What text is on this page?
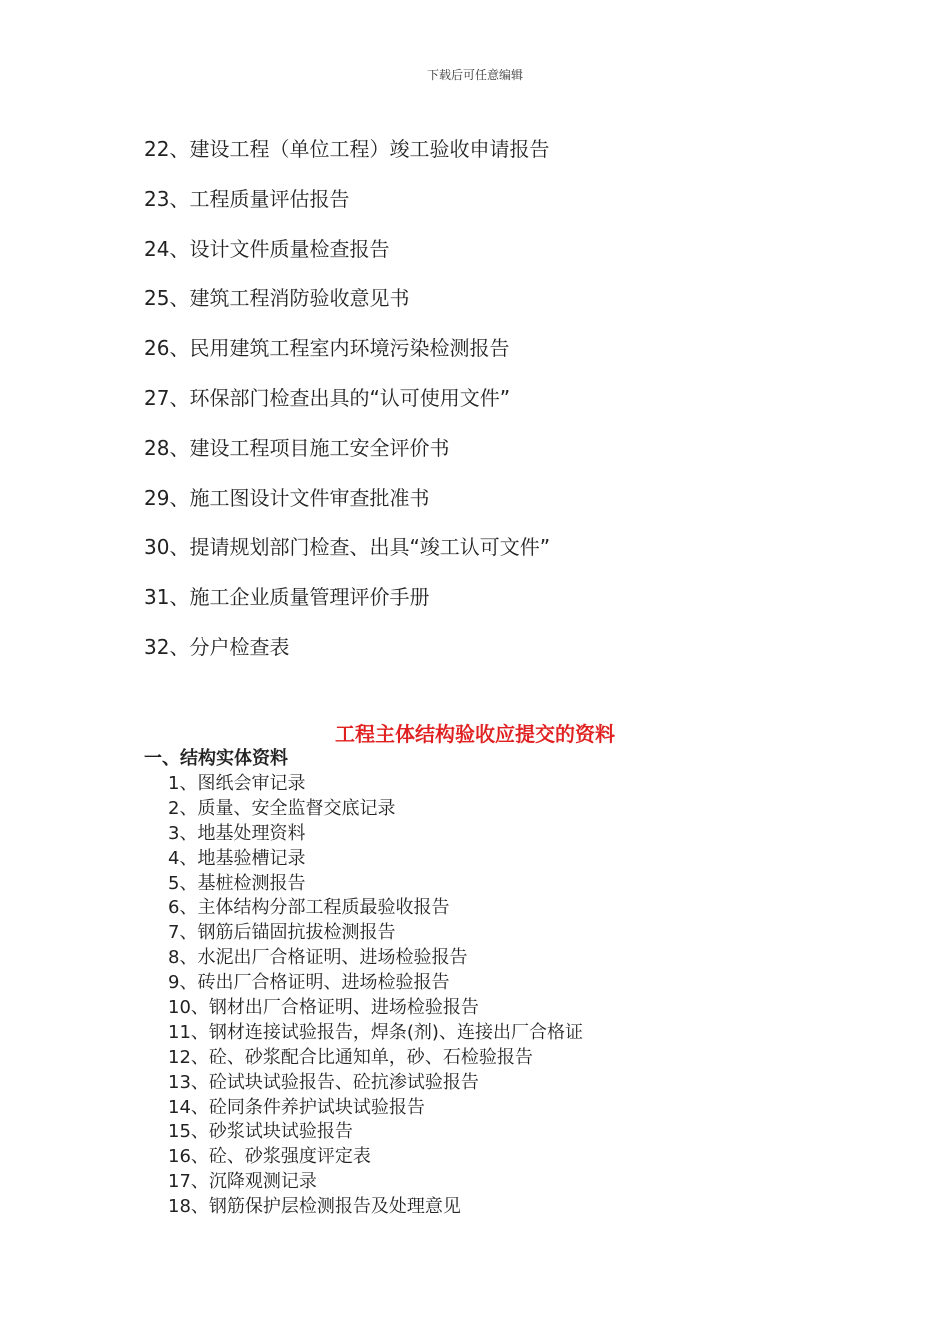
下载后可任意编辑
22、建设工程（单位工程）竣工验收申请报告
23、工程质量评估报告
24、设计文件质量检查报告
25、建筑工程消防验收意见书
26、民用建筑工程室内环境污染检测报告
27、环保部门检查出具的“认可使用文件”
28、建设工程项目施工安全评价书
29、施工图设计文件审查批准书
30、提请规划部门检查、出具“竣工认可文件”
31、施工企业质量管理评价手册
32、分户检查表
工程主体结构验收应提交的资料
一、结构实体资料
1、图纸会审记录
2、质量、安全监督交底记录
3、地基处理资料
4、地基验槽记录
5、基桩检测报告
6、主体结构分部工程质最验收报告
7、钢筋后锚固抗拔检测报告
8、水泥出厂合格证明、进场检验报告
9、砖出厂合格证明、进场检验报告
10、钢材出厂合格证明、进场检验报告
11、钢材连接试验报告，焊条(剂)、连接出厂合格证
12、砼、砂浆配合比通知单，砂、石检验报告
13、砼试块试验报告、砼抗渗试验报告
14、砼同条件养护试块试验报告
15、砂浆试块试验报告
16、砼、砂浆强度评定表
17、沉降观测记录
18、钢筋保护层检测报告及处理意见
